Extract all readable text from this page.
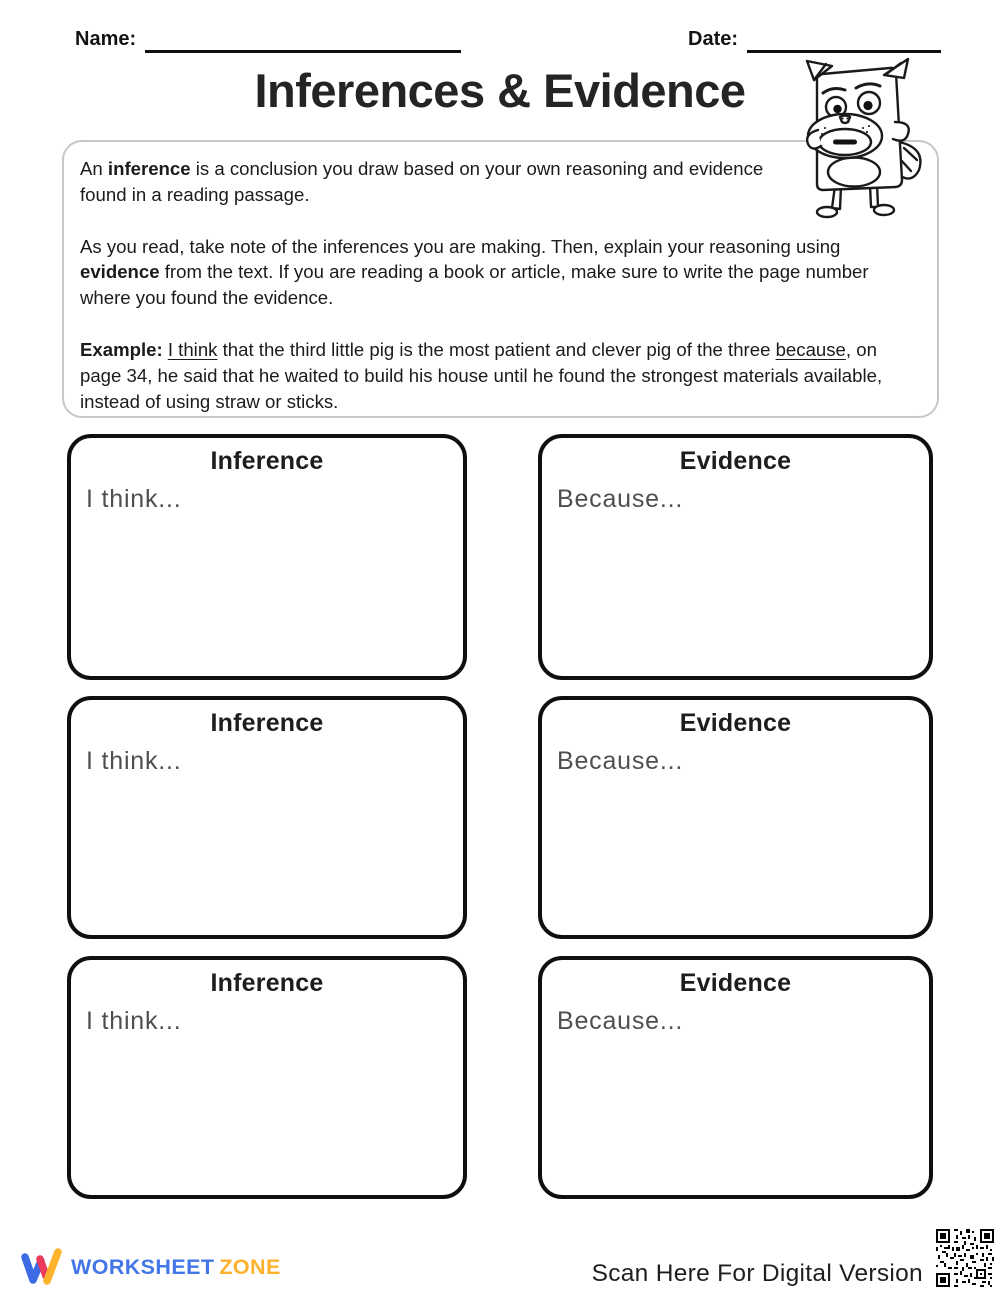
Name:	Date:
Inferences & Evidence

An inference is a conclusion you draw based on your own reasoning and evidence found in a reading passage.

As you read, take note of the inferences you are making. Then, explain your reasoning using evidence from the text. If you are reading a book or article, make sure to write the page number where you found the evidence.

Example: I think that the third little pig is the most patient and clever pig of the three because, on page 34, he said that he waited to build his house until he found the strongest materials available, instead of using straw or sticks.

Inference
I think...
Evidence
Because...
Inference
I think...
Evidence
Because...
Inference
I think...
Evidence
Because...
WORKSHEET ZONE	Scan Here For Digital Version
